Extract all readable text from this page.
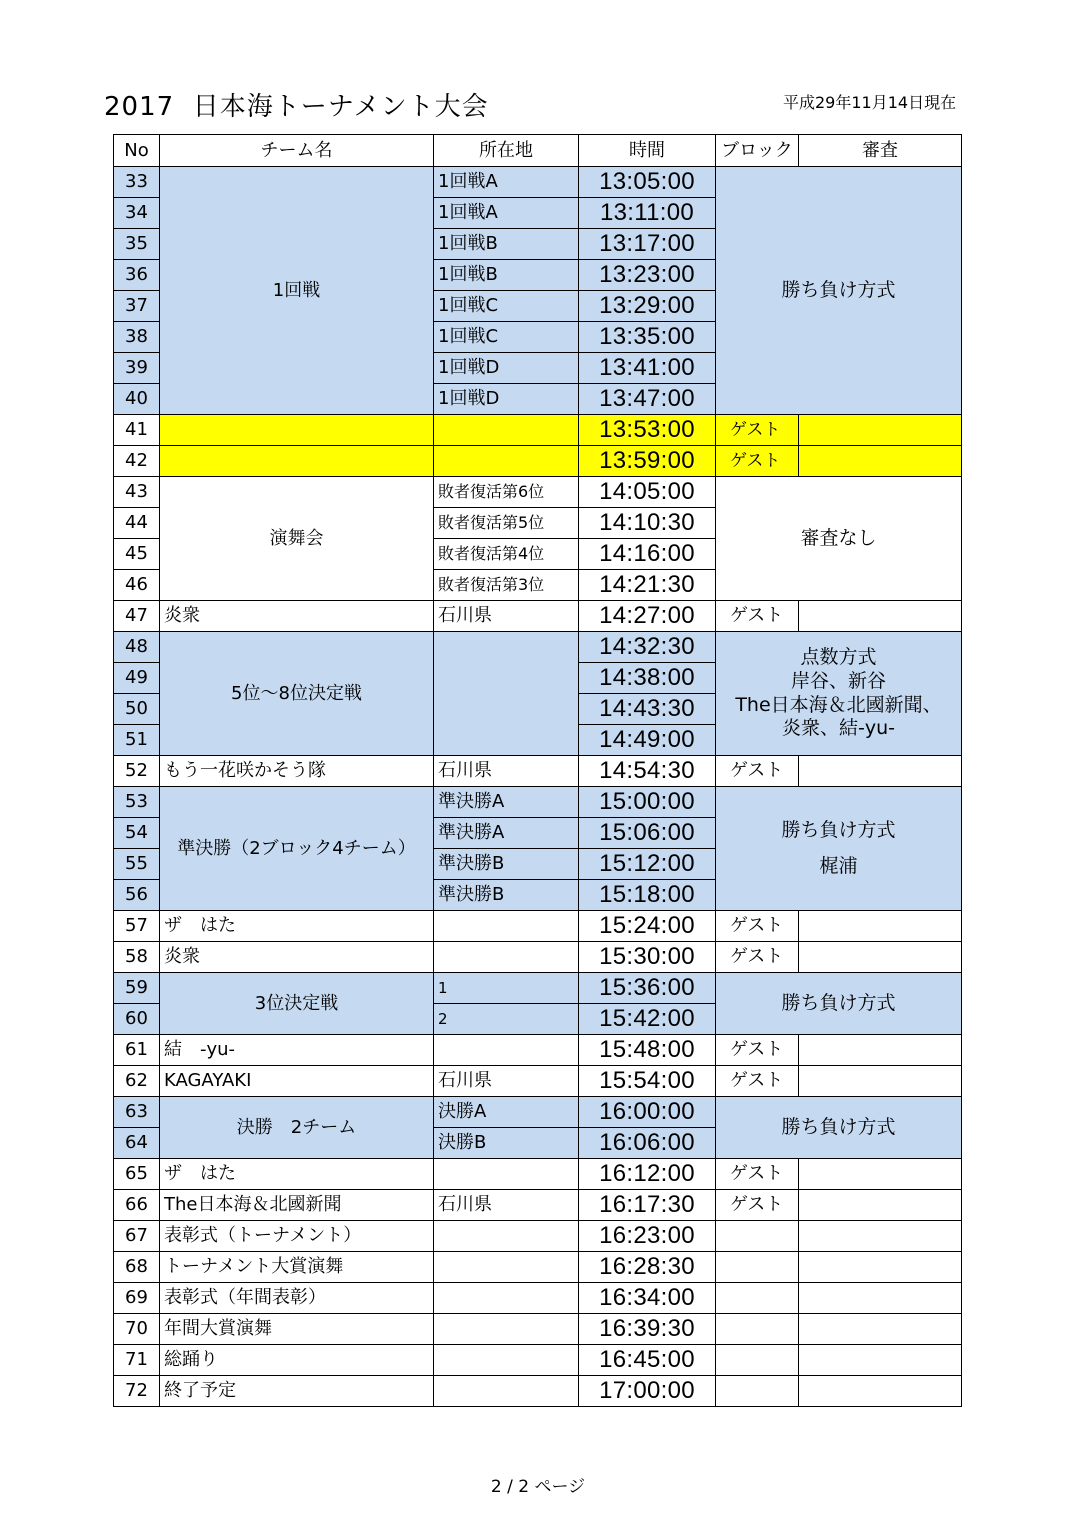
2017  日本海トーナメント大会	平成29年11月14日現在
No	チーム名	所在地	時間	ブロック	審査
33	1回戦	1回戦A	13:05:00	勝ち負け方式	
34		1回戦A	13:11:00		
35		1回戦B	13:17:00		
36		1回戦B	13:23:00		
37		1回戦C	13:29:00		
38		1回戦C	13:35:00		
39		1回戦D	13:41:00		
40		1回戦D	13:47:00		
41			13:53:00	ゲスト	
42			13:59:00	ゲスト	
43	演舞会	敗者復活第6位	14:05:00	審査なし	
44		敗者復活第5位	14:10:30		
45		敗者復活第4位	14:16:00		
46		敗者復活第3位	14:21:30		
47	炎衆	石川県	14:27:00	ゲスト	
48	5位～8位決定戦		14:32:30	点数方式
岸谷、新谷
The日本海＆北國新聞、
炎衆、結-yu-	
49			14:38:00		
50			14:43:30		
51			14:49:00		
52	もう一花咲かそう隊	石川県	14:54:30	ゲスト	
53	準決勝（2ブロック4チーム）	準決勝A	15:00:00	勝ち負け方式

梶浦	
54		準決勝A	15:06:00		
55		準決勝B	15:12:00		
56		準決勝B	15:18:00		
57	ザ　はた		15:24:00	ゲスト	
58	炎衆		15:30:00	ゲスト	
59	3位決定戦	1	15:36:00	勝ち負け方式	
60		2	15:42:00		
61	結　-yu-		15:48:00	ゲスト	
62	KAGAYAKI	石川県	15:54:00	ゲスト	
63	決勝　2チーム	決勝A	16:00:00	勝ち負け方式	
64		決勝B	16:06:00		
65	ザ　はた		16:12:00	ゲスト	
66	The日本海＆北國新聞	石川県	16:17:30	ゲスト	
67	表彰式（トーナメント）		16:23:00		
68	トーナメント大賞演舞		16:28:30		
69	表彰式（年間表彰）		16:34:00		
70	年間大賞演舞		16:39:30		
71	総踊り		16:45:00		
72	終了予定		17:00:00		
2 / 2 ページ
